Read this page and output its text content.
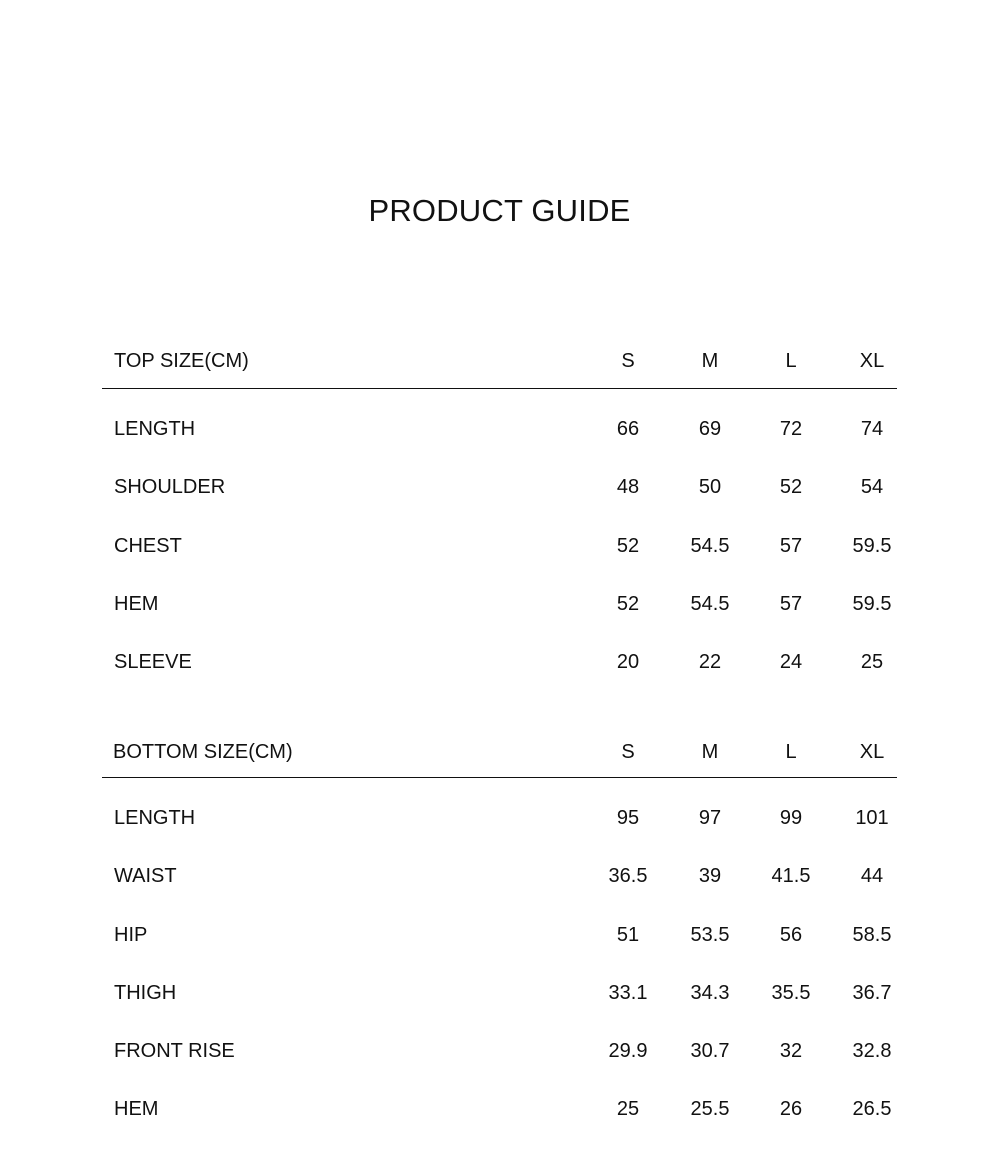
PRODUCT GUIDE
TOP SIZE(CM)	S	M	L	XL
LENGTH	66	69	72	74
SHOULDER	48	50	52	54
CHEST	52	54.5	57	59.5
HEM	52	54.5	57	59.5
SLEEVE	20	22	24	25
BOTTOM SIZE(CM)	S	M	L	XL
LENGTH	95	97	99	101
WAIST	36.5	39	41.5	44
HIP	51	53.5	56	58.5
THIGH	33.1	34.3	35.5	36.7
FRONT RISE	29.9	30.7	32	32.8
HEM	25	25.5	26	26.5
